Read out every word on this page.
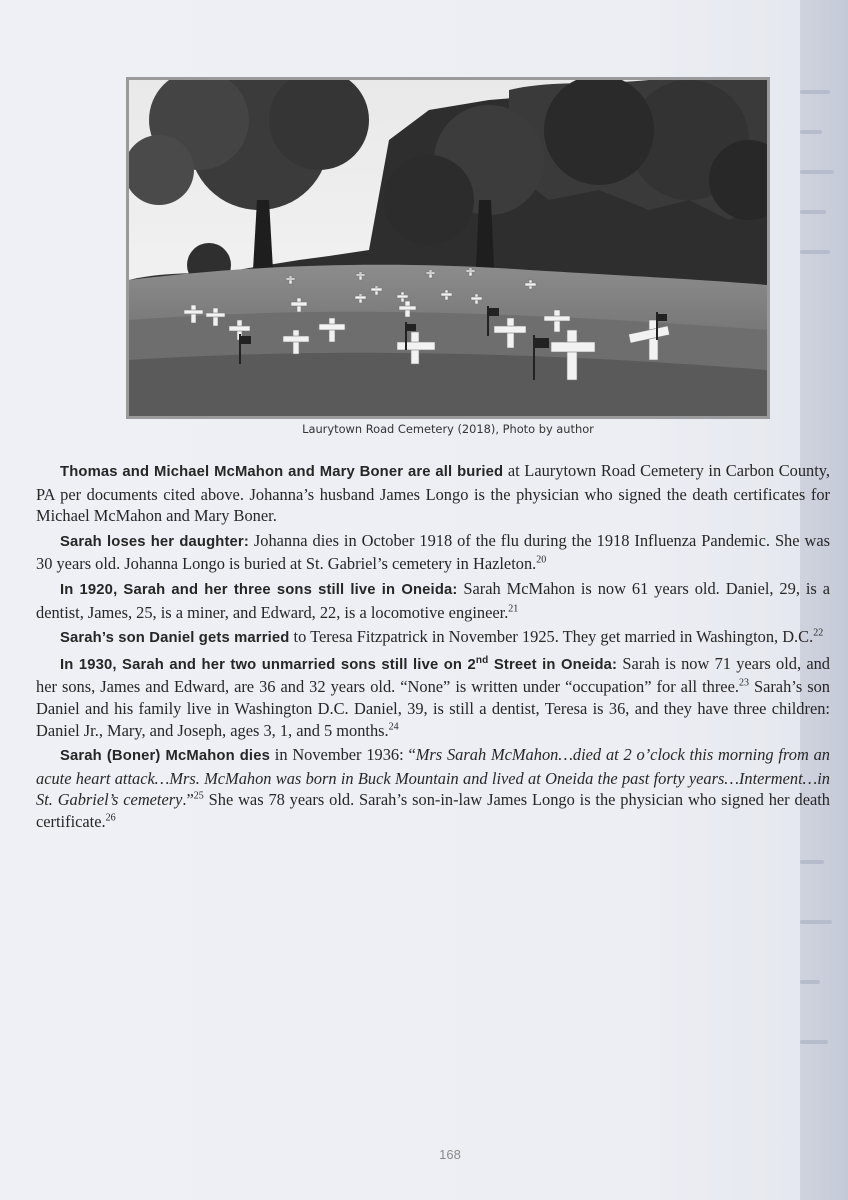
Laurytown Road Cemetery (2018), Photo by author

Thomas and Michael McMahon and Mary Boner are all buried at Laurytown Road Cemetery in Carbon County, PA per documents cited above. Johanna’s husband James Longo is the physician who signed the death certificates for Michael McMahon and Mary Boner.

Sarah loses her daughter: Johanna dies in October 1918 of the flu during the 1918 Influenza Pandemic. She was 30 years old. Johanna Longo is buried at St. Gabriel’s cemetery in Hazleton.$^{20}$

In 1920, Sarah and her three sons still live in Oneida: Sarah McMahon is now 61 years old. Daniel, 29, is a dentist, James, 25, is a miner, and Edward, 22, is a locomotive engineer.$^{21}$

Sarah’s son Daniel gets married to Teresa Fitzpatrick in November 1925. They get married in Washington, D.C.$^{22}$

In 1930, Sarah and her two unmarried sons still live on 2nd Street in Oneida: Sarah is now 71 years old, and her sons, James and Edward, are 36 and 32 years old. “None” is written under “occupation” for all three.$^{23}$ Sarah’s son Daniel and his family live in Washington D.C. Daniel, 39, is still a dentist, Teresa is 36, and they have three children: Daniel Jr., Mary, and Joseph, ages 3, 1, and 5 months.$^{24}$

Sarah (Boner) McMahon dies in November 1936: “Mrs Sarah McMahon…died at 2 o’clock this morning from an acute heart attack…Mrs. McMahon was born in Buck Mountain and lived at Oneida the past forty years…Interment…in St. Gabriel’s cemetery.”$^{25}$ She was 78 years old. Sarah’s son-in-law James Longo is the physician who signed her death certificate.$^{26}$

168
